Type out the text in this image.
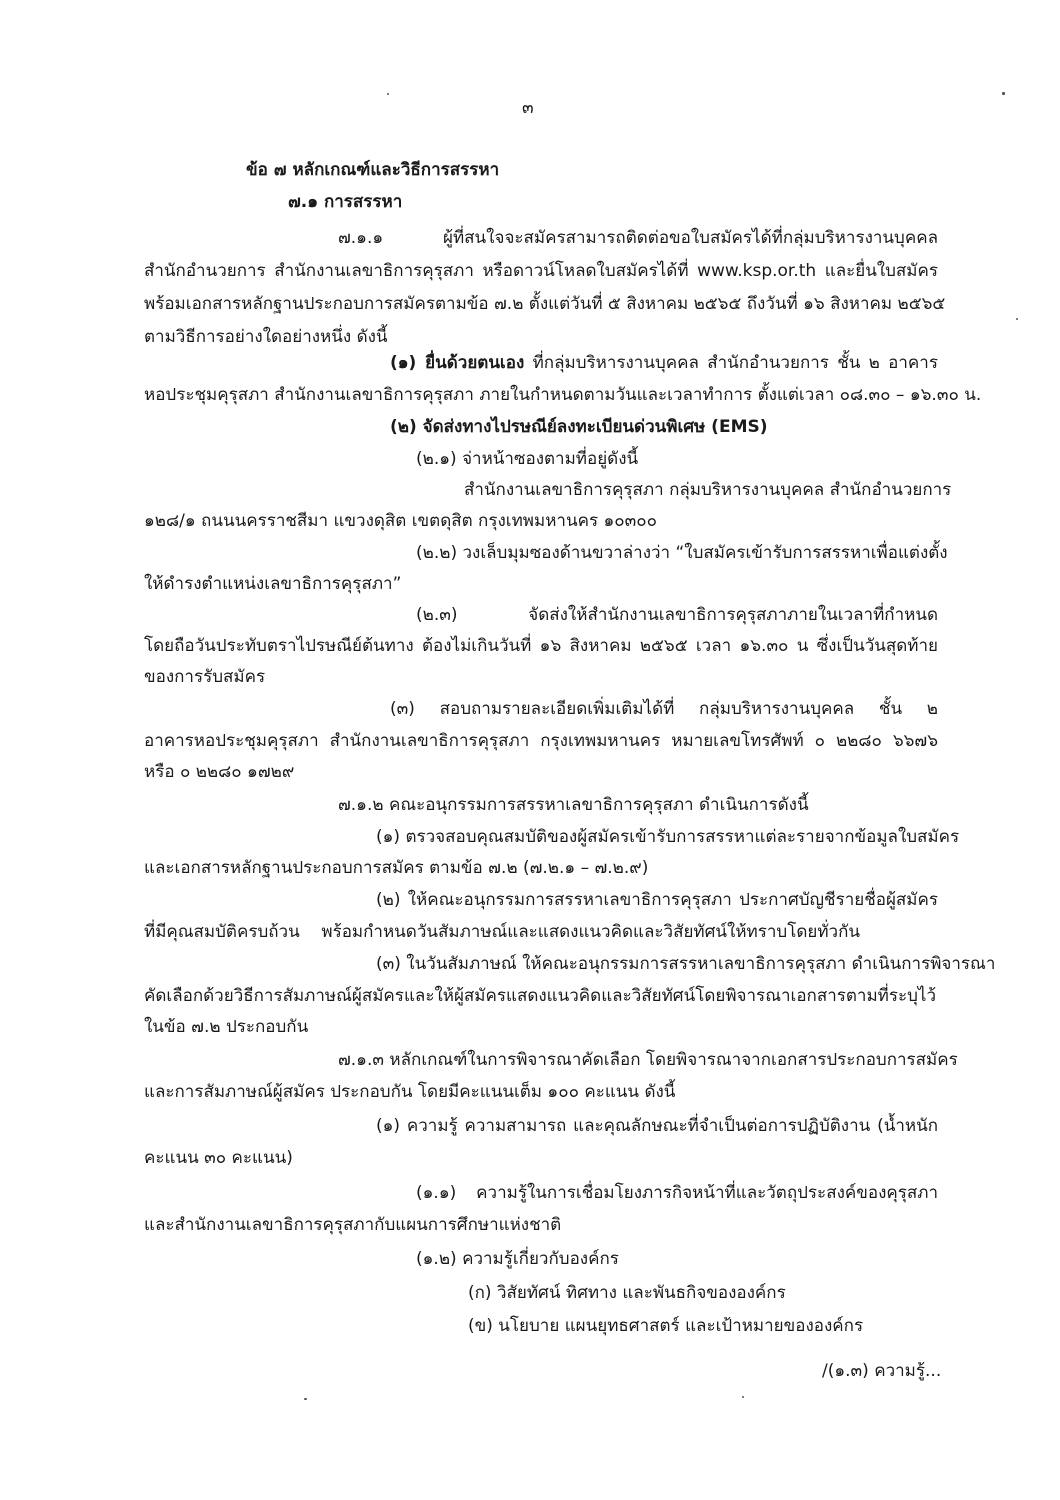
๓
ข้อ ๗ หลักเกณฑ์และวิธีการสรรหา
๗.๑ การสรรหา
๗.๑.๑ ผู้ที่สนใจจะสมัครสามารถติดต่อขอใบสมัครได้ที่กลุ่มบริหารงานบุคคล
สำนักอำนวยการ สำนักงานเลขาธิการคุรุสภา หรือดาวน์โหลดใบสมัครได้ที่ www.ksp.or.th และยื่นใบสมัคร
พร้อมเอกสารหลักฐานประกอบการสมัครตามข้อ ๗.๒ ตั้งแต่วันที่ ๕ สิงหาคม ๒๕๖๕ ถึงวันที่ ๑๖ สิงหาคม ๒๕๖๕
ตามวิธีการอย่างใดอย่างหนึ่ง ดังนี้
(๑) ยื่นด้วยตนเอง ที่กลุ่มบริหารงานบุคคล สำนักอำนวยการ ชั้น ๒ อาคาร
หอประชุมคุรุสภา สำนักงานเลขาธิการคุรุสภา ภายในกำหนดตามวันและเวลาทำการ ตั้งแต่เวลา ๐๘.๓๐ – ๑๖.๓๐ น.
(๒) จัดส่งทางไปรษณีย์ลงทะเบียนด่วนพิเศษ (EMS)
(๒.๑) จ่าหน้าซองตามที่อยู่ดังนี้
สำนักงานเลขาธิการคุรุสภา กลุ่มบริหารงานบุคคล สำนักอำนวยการ
๑๒๘/๑ ถนนนครราชสีมา แขวงดุสิต เขตดุสิต กรุงเทพมหานคร ๑๐๓๐๐
(๒.๒) วงเล็บมุมซองด้านขวาล่างว่า “ใบสมัครเข้ารับการสรรหาเพื่อแต่งตั้ง
ให้ดำรงตำแหน่งเลขาธิการคุรุสภา”
(๒.๓) จัดส่งให้สำนักงานเลขาธิการคุรุสภาภายในเวลาที่กำหนด
โดยถือวันประทับตราไปรษณีย์ต้นทาง ต้องไม่เกินวันที่ ๑๖ สิงหาคม ๒๕๖๕ เวลา ๑๖.๓๐ น ซึ่งเป็นวันสุดท้าย
ของการรับสมัคร
(๓) สอบถามรายละเอียดเพิ่มเติมได้ที่ กลุ่มบริหารงานบุคคล ชั้น ๒
อาคารหอประชุมคุรุสภา สำนักงานเลขาธิการคุรุสภา กรุงเทพมหานคร หมายเลขโทรศัพท์ ๐ ๒๒๘๐ ๖๖๗๖
หรือ ๐ ๒๒๘๐ ๑๗๒๙
๗.๑.๒ คณะอนุกรรมการสรรหาเลขาธิการคุรุสภา ดำเนินการดังนี้
(๑) ตรวจสอบคุณสมบัติของผู้สมัครเข้ารับการสรรหาแต่ละรายจากข้อมูลใบสมัคร
และเอกสารหลักฐานประกอบการสมัคร ตามข้อ ๗.๒ (๗.๒.๑ – ๗.๒.๙)
(๒) ให้คณะอนุกรรมการสรรหาเลขาธิการคุรุสภา ประกาศบัญชีรายชื่อผู้สมัคร
ที่มีคุณสมบัติครบถ้วน พร้อมกำหนดวันสัมภาษณ์และแสดงแนวคิดและวิสัยทัศน์ให้ทราบโดยทั่วกัน
(๓) ในวันสัมภาษณ์ ให้คณะอนุกรรมการสรรหาเลขาธิการคุรุสภา ดำเนินการพิจารณา
คัดเลือกด้วยวิธีการสัมภาษณ์ผู้สมัครและให้ผู้สมัครแสดงแนวคิดและวิสัยทัศน์โดยพิจารณาเอกสารตามที่ระบุไว้
ในข้อ ๗.๒ ประกอบกัน
๗.๑.๓ หลักเกณฑ์ในการพิจารณาคัดเลือก โดยพิจารณาจากเอกสารประกอบการสมัคร
และการสัมภาษณ์ผู้สมัคร ประกอบกัน โดยมีคะแนนเต็ม ๑๐๐ คะแนน ดังนี้
(๑) ความรู้ ความสามารถ และคุณลักษณะที่จำเป็นต่อการปฏิบัติงาน (น้ำหนัก
คะแนน ๓๐ คะแนน)
(๑.๑) ความรู้ในการเชื่อมโยงภารกิจหน้าที่และวัตถุประสงค์ของคุรุสภา
และสำนักงานเลขาธิการคุรุสภากับแผนการศึกษาแห่งชาติ
(๑.๒) ความรู้เกี่ยวกับองค์กร
(ก) วิสัยทัศน์ ทิศทาง และพันธกิจขององค์กร
(ข) นโยบาย แผนยุทธศาสตร์ และเป้าหมายขององค์กร
/(๑.๓) ความรู้...
